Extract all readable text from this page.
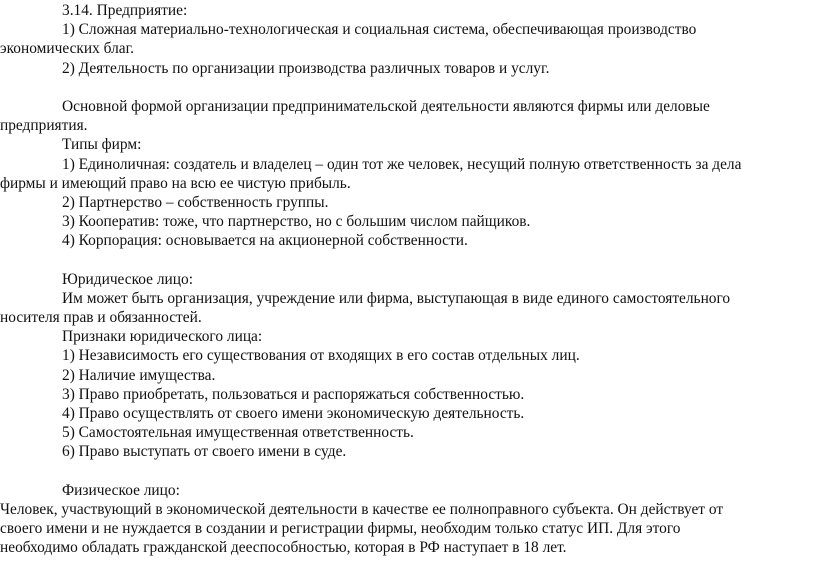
3.14. Предприятие:
1) Сложная материально-технологическая и социальная система, обеспечивающая производство
экономических благ.
2) Деятельность по организации производства различных товаров и услуг.
Основной формой организации предпринимательской деятельности являются фирмы или деловые
предприятия.
Типы фирм:
1) Единоличная: создатель и владелец – один тот же человек, несущий полную ответственность за дела
фирмы и имеющий право на всю ее чистую прибыль.
2) Партнерство – собственность группы.
3) Кооператив: тоже, что партнерство, но с большим числом пайщиков.
4) Корпорация: основывается на акционерной собственности.
Юридическое лицо:
Им может быть организация, учреждение или фирма, выступающая в виде единого самостоятельного
носителя прав и обязанностей.
Признаки юридического лица:
1) Независимость его существования от входящих в его состав отдельных лиц.
2) Наличие имущества.
3) Право приобретать, пользоваться и распоряжаться собственностью.
4) Право осуществлять от своего имени экономическую деятельность.
5) Самостоятельная имущественная ответственность.
6) Право выступать от своего имени в суде.
Физическое лицо:
Человек, участвующий в экономической деятельности в качестве ее полноправного субъекта. Он действует от
своего имени и не нуждается в создании и регистрации фирмы, необходим только статус ИП. Для этого
необходимо обладать гражданской дееспособностью, которая в РФ наступает в 18 лет.
